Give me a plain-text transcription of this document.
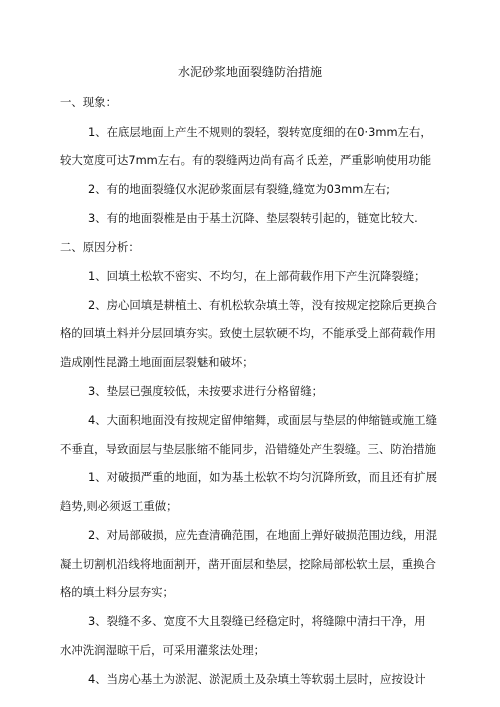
水泥砂浆地面裂缝防治措施
一、现象：
1、在底层地面上产生不规则的裂轻，裂转宽度细的在0·3mm左右，
较大宽度可达7mm左右。有的裂缝两边尚有高彳氐差，严重影响使用功能
2、有的地面裂缝仅水泥砂浆面层有裂缝,缝宽为03mm左右;
3、有的地面裂椎是由于基土沉降、垫层裂转引起的，链宽比较大.
二、原因分析：
1、回填土松软不密实、不均匀，在上部荷载作用下产生沉降裂缝；
2、房心回填是耕植土、有机松软杂填土等，没有按规定挖除后更换合
格的回填土料并分层回填夯实。致使土层软硬不均，不能承受上部荷载作用
造成刚性昆潞土地面面层裂魅和破坏；
3、垫层已强度较低，未按要求进行分格留缝；
4、大面积地面没有按规定留伸缩舞，或面层与垫层的伸缩链或施工缝
不垂直，导致面层与垫层胀缩不能同步，沿错缝处产生裂缝。三、防治措施
1、对破损严重的地面，如为基土松软不均匀沉降所致，而且还有扩展
趋势,则必须返工重做；
2、对局部破损，应先查清确范围，在地面上弹好破损范围边线，用混
凝土切割机沿线将地面割开，凿开面层和垫层，挖除局部松软土层，重换合
格的填土料分层夯实；
3、裂缝不多、宽度不大且裂缝已经稳定时，将缝隙中清扫干净，用
水冲洗润湿晾干后，可采用灌浆法处理；
4、当房心基土为淤泥、淤泥质土及杂填土等软弱土层时，应按设计
